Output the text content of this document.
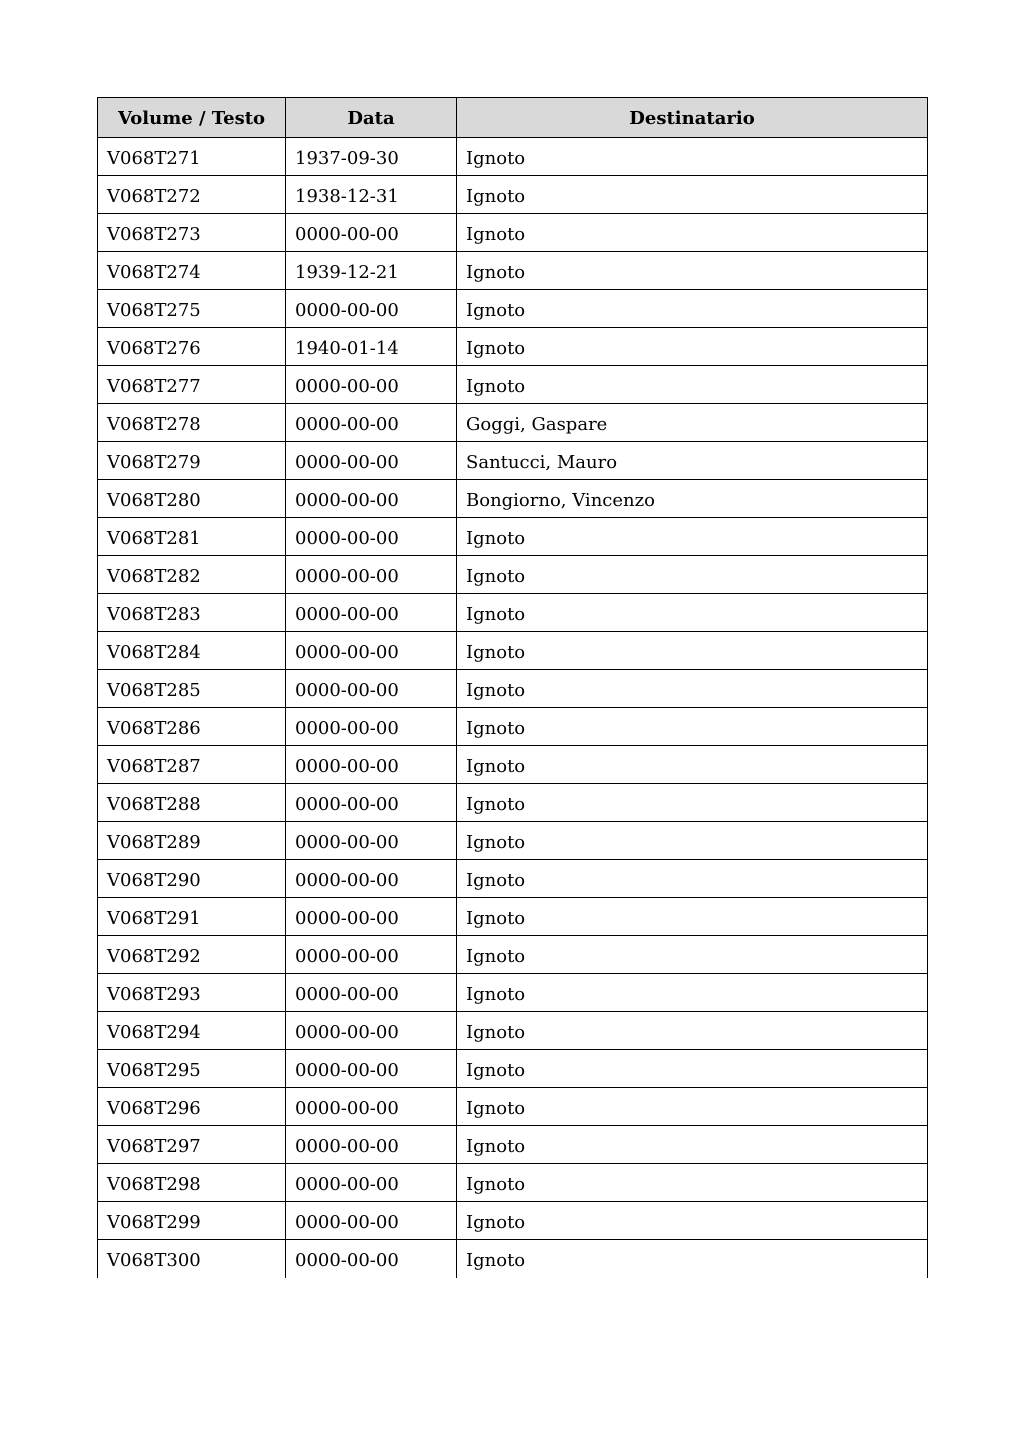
Volume / Testo	Data	Destinatario
V068T271	1937-09-30	Ignoto
V068T272	1938-12-31	Ignoto
V068T273	0000-00-00	Ignoto
V068T274	1939-12-21	Ignoto
V068T275	0000-00-00	Ignoto
V068T276	1940-01-14	Ignoto
V068T277	0000-00-00	Ignoto
V068T278	0000-00-00	Goggi, Gaspare
V068T279	0000-00-00	Santucci, Mauro
V068T280	0000-00-00	Bongiorno, Vincenzo
V068T281	0000-00-00	Ignoto
V068T282	0000-00-00	Ignoto
V068T283	0000-00-00	Ignoto
V068T284	0000-00-00	Ignoto
V068T285	0000-00-00	Ignoto
V068T286	0000-00-00	Ignoto
V068T287	0000-00-00	Ignoto
V068T288	0000-00-00	Ignoto
V068T289	0000-00-00	Ignoto
V068T290	0000-00-00	Ignoto
V068T291	0000-00-00	Ignoto
V068T292	0000-00-00	Ignoto
V068T293	0000-00-00	Ignoto
V068T294	0000-00-00	Ignoto
V068T295	0000-00-00	Ignoto
V068T296	0000-00-00	Ignoto
V068T297	0000-00-00	Ignoto
V068T298	0000-00-00	Ignoto
V068T299	0000-00-00	Ignoto
V068T300	0000-00-00	Ignoto
